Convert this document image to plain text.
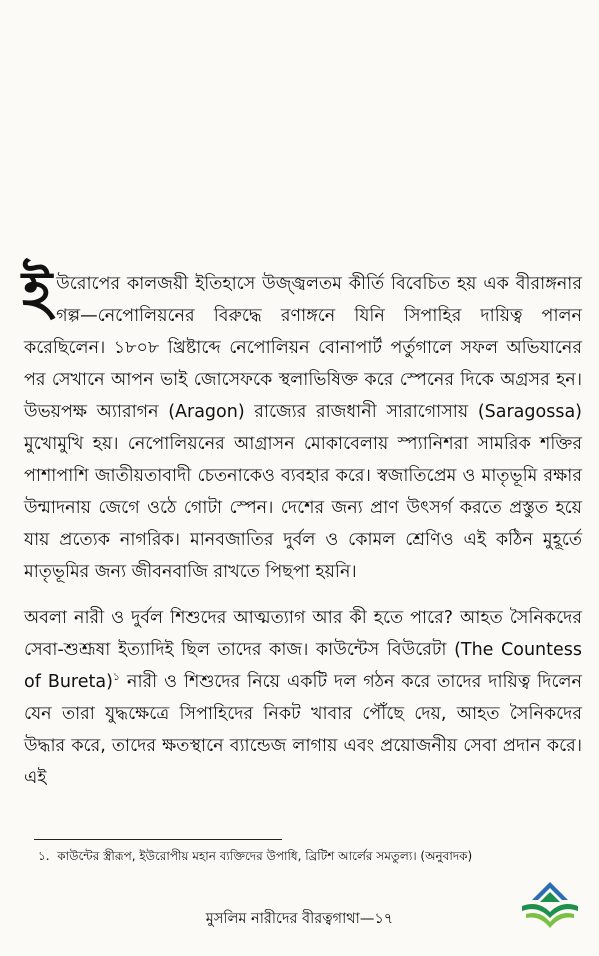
ইউরোপের কালজয়ী ইতিহাসে উজ্জ্বলতম কীর্তি বিবেচিত হয় এক বীরাঙ্গনার গল্প—নেপোলিয়নের বিরুদ্ধে রণাঙ্গনে যিনি সিপাহির দায়িত্ব পালন করেছিলেন। ১৮০৮ খ্রিষ্টাব্দে নেপোলিয়ন বোনাপার্ট পর্তুগালে সফল অভিযানের পর সেখানে আপন ভাই জোসেফকে স্থলাভিষিক্ত করে স্পেনের দিকে অগ্রসর হন। উভয়পক্ষ অ্যারাগন (Aragon) রাজ্যের রাজধানী সারাগোসায় (Saragossa) মুখোমুখি হয়। নেপোলিয়নের আগ্রাসন মোকাবেলায় স্প্যানিশরা সামরিক শক্তির পাশাপাশি জাতীয়তাবাদী চেতনাকেও ব্যবহার করে। স্বজাতিপ্রেম ও মাতৃভূমি রক্ষার উন্মাদনায় জেগে ওঠে গোটা স্পেন। দেশের জন্য প্রাণ উৎসর্গ করতে প্রস্তুত হয়ে যায় প্রত্যেক নাগরিক। মানবজাতির দুর্বল ও কোমল শ্রেণিও এই কঠিন মুহূর্তে মাতৃভূমির জন্য জীবনবাজি রাখতে পিছপা হয়নি।

অবলা নারী ও দুর্বল শিশুদের আত্মত্যাগ আর কী হতে পারে? আহত সৈনিকদের সেবা-শুশ্রূষা ইত্যাদিই ছিল তাদের কাজ। কাউন্টেস বিউরেটা (The Countess of Bureta)$^১$ নারী ও শিশুদের নিয়ে একটি দল গঠন করে তাদের দায়িত্ব দিলেন যেন তারা যুদ্ধক্ষেত্রে সিপাহিদের নিকট খাবার পৌঁছে দেয়, আহত সৈনিকদের উদ্ধার করে, তাদের ক্ষতস্থানে ব্যান্ডেজ লাগায় এবং প্রয়োজনীয় সেবা প্রদান করে। এই

১. কাউন্টের স্ত্রীরূপ, ইউরোপীয় মহান ব্যক্তিদের উপাধি, ব্রিটিশ আর্লের সমতুল্য। (অনুবাদক)
মুসলিম নারীদের বীরত্বগাথা—১৭
